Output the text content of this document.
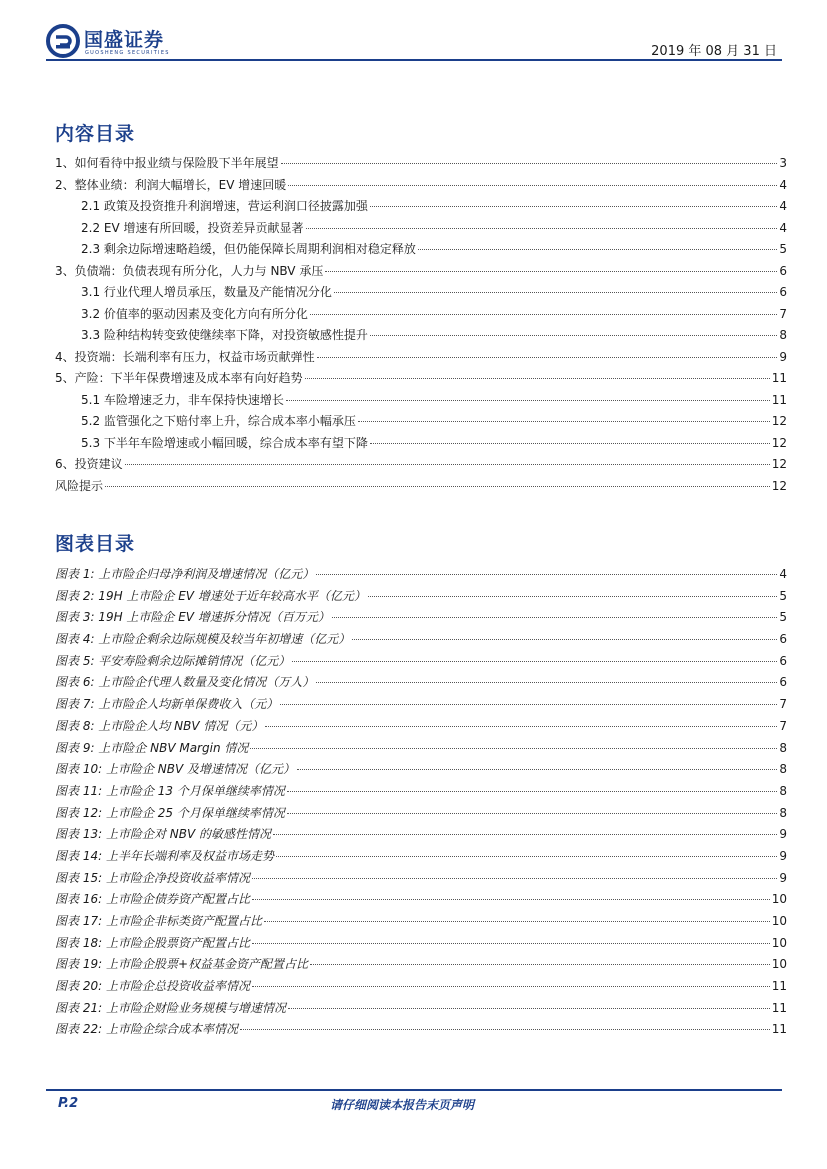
国盛证券
GUOSHENG SECURITIES	2019 年 08 月 31 日
内容目录
1、如何看待中报业绩与保险股下半年展望	3
2、整体业绩：利润大幅增长，EV 增速回暖	4
2.1 政策及投资推升利润增速，营运利润口径披露加强	4
2.2 EV 增速有所回暖，投资差异贡献显著	4
2.3 剩余边际增速略趋缓，但仍能保障长周期利润相对稳定释放	5
3、负债端：负债表现有所分化，人力与 NBV 承压	6
3.1 行业代理人增员承压，数量及产能情况分化	6
3.2 价值率的驱动因素及变化方向有所分化	7
3.3 险种结构转变致使继续率下降，对投资敏感性提升	8
4、投资端：长端利率有压力，权益市场贡献弹性	9
5、产险：下半年保费增速及成本率有向好趋势	11
5.1 车险增速乏力，非车保持快速增长	11
5.2 监管强化之下赔付率上升，综合成本率小幅承压	12
5.3 下半年车险增速或小幅回暖，综合成本率有望下降	12
6、投资建议	12
风险提示	12
图表目录
图表 1: 上市险企归母净利润及增速情况（亿元）	4
图表 2: 19H 上市险企 EV 增速处于近年较高水平（亿元）	5
图表 3: 19H 上市险企 EV 增速拆分情况（百万元）	5
图表 4: 上市险企剩余边际规模及较当年初增速（亿元）	6
图表 5: 平安寿险剩余边际摊销情况（亿元）	6
图表 6: 上市险企代理人数量及变化情况（万人）	6
图表 7: 上市险企人均新单保费收入（元）	7
图表 8: 上市险企人均 NBV 情况（元）	7
图表 9: 上市险企 NBV Margin 情况	8
图表 10: 上市险企 NBV 及增速情况（亿元）	8
图表 11: 上市险企 13 个月保单继续率情况	8
图表 12: 上市险企 25 个月保单继续率情况	8
图表 13: 上市险企对 NBV 的敏感性情况	9
图表 14: 上半年长端利率及权益市场走势	9
图表 15: 上市险企净投资收益率情况	9
图表 16: 上市险企债券资产配置占比	10
图表 17: 上市险企非标类资产配置占比	10
图表 18: 上市险企股票资产配置占比	10
图表 19: 上市险企股票+权益基金资产配置占比	10
图表 20: 上市险企总投资收益率情况	11
图表 21: 上市险企财险业务规模与增速情况	11
图表 22: 上市险企综合成本率情况	11
P.2	请仔细阅读本报告末页声明
